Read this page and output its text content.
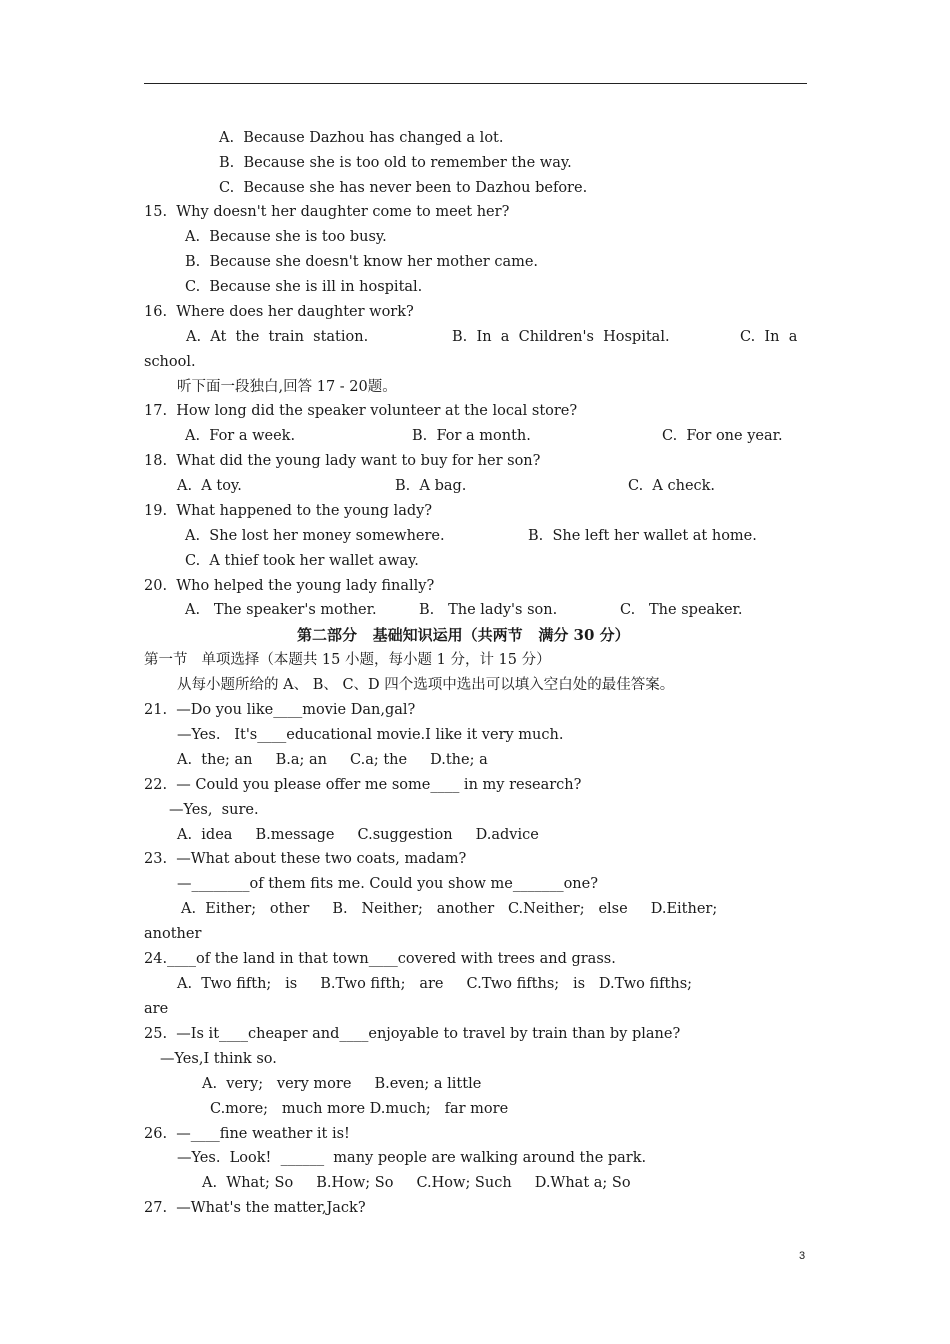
A.  Because Dazhou has changed a lot.
B.  Because she is too old to remember the way.
C.  Because she has never been to Dazhou before.
15.  Why doesn't her daughter come to meet her?
A.  Because she is too busy.
B.  Because she doesn't know her mother came.
C.  Because she is ill in hospital.
16.  Where does her daughter work?
A.  At  the  train  station.	B.  In  a  Children's  Hospital.	C.  In  a
school.
听下面一段独白,回答 17 - 20题。
17.  How long did the speaker volunteer at the local store?
A.  For a week.	B.  For a month.	C.  For one year.
18.  What did the young lady want to buy for her son?
A.  A toy.	B.  A bag.	C.  A check.
19.  What happened to the young lady?
A.  She lost her money somewhere.	B.  She left her wallet at home.
C.  A thief took her wallet away.
20.  Who helped the young lady finally?
A.   The speaker's mother.	B.   The lady's son.	C.   The speaker.
第二部分   基础知识运用（共两节   满分 30 分）
第一节   单项选择（本题共 15 小题，每小题 1 分，计 15 分）
从每小题所给的 A、 B、 C、D 四个选项中选出可以填入空白处的最佳答案。
21.  —Do you like____movie Dan,gal?
—Yes.   It's____educational movie.I like it very much.
A.  the; an     B.a; an     C.a; the     D.the; a
22.  — Could you please offer me some____ in my research?
—Yes,  sure.
A.  idea     B.message     C.suggestion     D.advice
23.  —What about these two coats, madam?
—________of them fits me. Could you show me_______one?
A.  Either;   other     B.   Neither;   another   C.Neither;   else     D.Either;
another
24.____of the land in that town____covered with trees and grass.
A.  Two fifth;   is     B.Two fifth;   are     C.Two fifths;   is   D.Two fifths;
are
25.  —Is it____cheaper and____enjoyable to travel by train than by plane?
—Yes,I think so.
A.  very;   very more     B.even; a little
C.more;   much more D.much;   far more
26.  —____fine weather it is!
—Yes.  Look!  ______  many people are walking around the park.
A.  What; So     B.How; So     C.How; Such     D.What a; So
27.  —What's the matter,Jack?
3
